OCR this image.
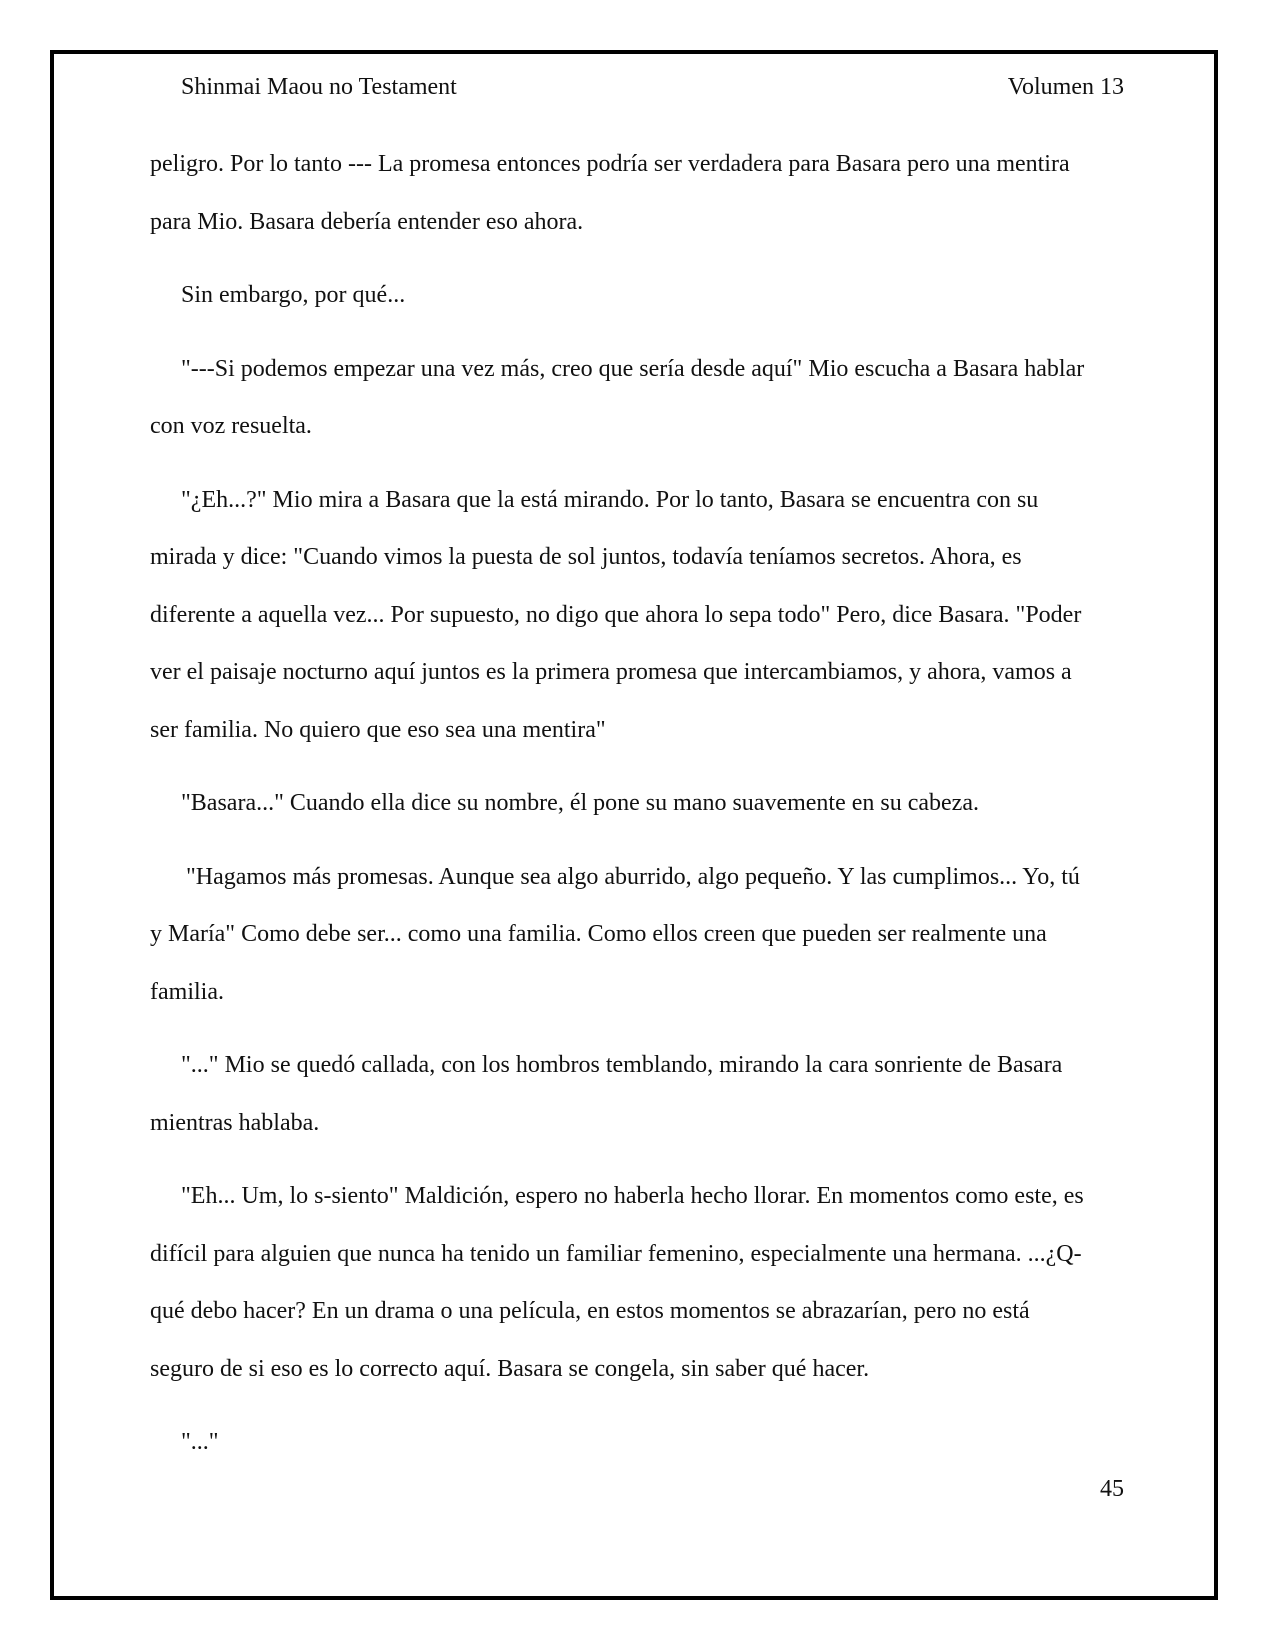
Shinmai Maou no Testament	Volumen 13

peligro. Por lo tanto --- La promesa entonces podría ser verdadera para Basara pero una mentira
para Mio. Basara debería entender eso ahora.

Sin embargo, por qué...

"---Si podemos empezar una vez más, creo que sería desde aquí" Mio escucha a Basara hablar
con voz resuelta.

"¿Eh...?" Mio mira a Basara que la está mirando. Por lo tanto, Basara se encuentra con su
mirada y dice: "Cuando vimos la puesta de sol juntos, todavía teníamos secretos. Ahora, es
diferente a aquella vez... Por supuesto, no digo que ahora lo sepa todo" Pero, dice Basara. "Poder
ver el paisaje nocturno aquí juntos es la primera promesa que intercambiamos, y ahora, vamos a
ser familia. No quiero que eso sea una mentira"

"Basara..." Cuando ella dice su nombre, él pone su mano suavemente en su cabeza.

"Hagamos más promesas. Aunque sea algo aburrido, algo pequeño. Y las cumplimos... Yo, tú
y María" Como debe ser... como una familia. Como ellos creen que pueden ser realmente una
familia.

"..." Mio se quedó callada, con los hombros temblando, mirando la cara sonriente de Basara
mientras hablaba.

"Eh... Um, lo s-siento" Maldición, espero no haberla hecho llorar. En momentos como este, es
difícil para alguien que nunca ha tenido un familiar femenino, especialmente una hermana. ...¿Q-
qué debo hacer? En un drama o una película, en estos momentos se abrazarían, pero no está
seguro de si eso es lo correcto aquí. Basara se congela, sin saber qué hacer.

"..."

45
